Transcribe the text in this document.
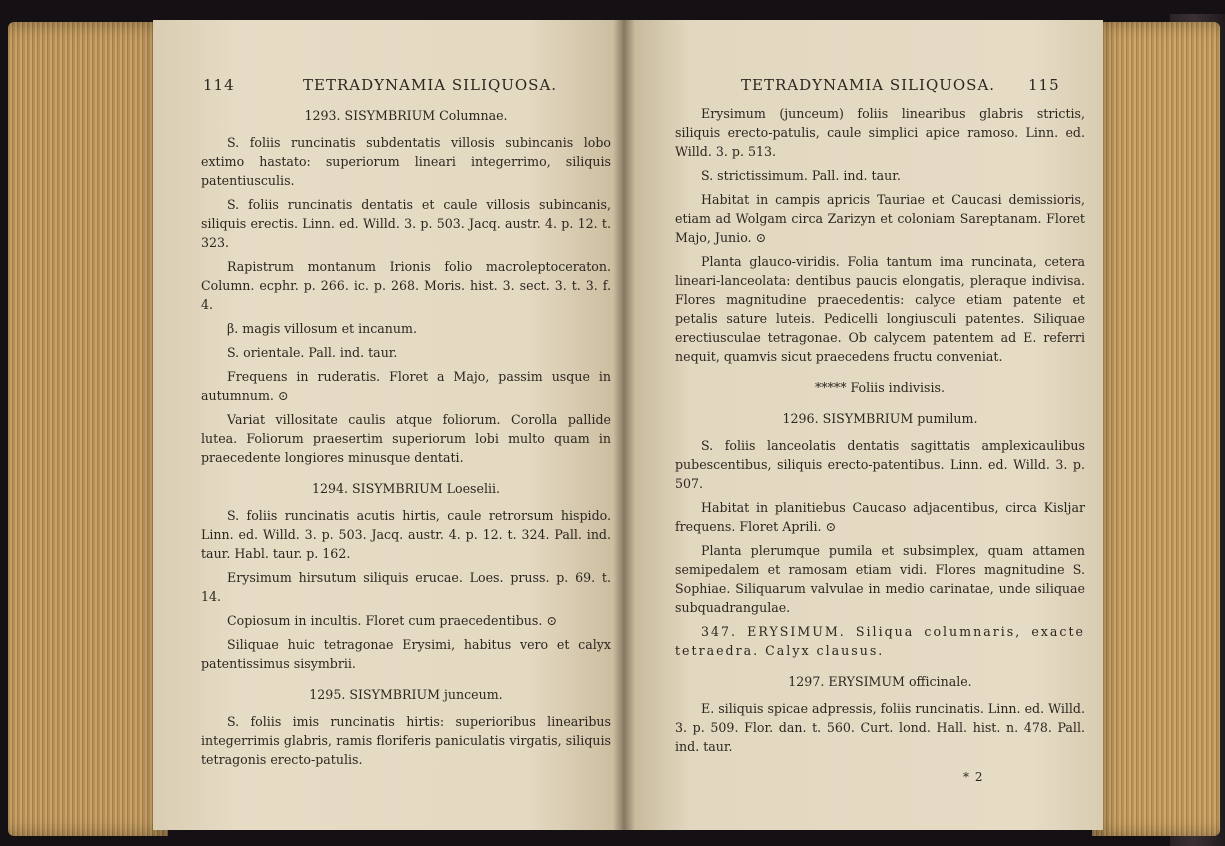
114	TETRADYNAMIA SILIQUOSA.

1293. SISYMBRIUM Columnae.

S. foliis runcinatis subdentatis villosis subincanis lobo extimo hastato: superiorum lineari integerrimo, siliquis patentiusculis.

S. foliis runcinatis dentatis et caule villosis subincanis, siliquis erectis. Linn. ed. Willd. 3. p. 503. Jacq. austr. 4. p. 12. t. 323.

Rapistrum montanum Irionis folio macroleptoceraton. Column. ecphr. p. 266. ic. p. 268. Moris. hist. 3. sect. 3. t. 3. f. 4.

β. magis villosum et incanum.

S. orientale. Pall. ind. taur.

Frequens in ruderatis. Floret a Majo, passim usque in autumnum. ⊙

Variat villositate caulis atque foliorum. Corolla pallide lutea. Foliorum praesertim superiorum lobi multo quam in praecedente longiores minusque dentati.

1294. SISYMBRIUM Loeselii.

S. foliis runcinatis acutis hirtis, caule retrorsum hispido. Linn. ed. Willd. 3. p. 503. Jacq. austr. 4. p. 12. t. 324. Pall. ind. taur. Habl. taur. p. 162.

Erysimum hirsutum siliquis erucae. Loes. pruss. p. 69. t. 14.

Copiosum in incultis. Floret cum praecedentibus. ⊙

Siliquae huic tetragonae Erysimi, habitus vero et calyx patentissimus sisymbrii.

1295. SISYMBRIUM junceum.

S. foliis imis runcinatis hirtis: superioribus linearibus integerrimis glabris, ramis floriferis paniculatis virgatis, siliquis tetragonis erecto-patulis.

TETRADYNAMIA SILIQUOSA. 115

Erysimum (junceum) foliis linearibus glabris strictis, siliquis erecto-patulis, caule simplici apice ramoso. Linn. ed. Willd. 3. p. 513.

S. strictissimum. Pall. ind. taur.

Habitat in campis apricis Tauriae et Caucasi demissioris, etiam ad Wolgam circa Zarizyn et coloniam Sareptanam. Floret Majo, Junio. ⊙

Planta glauco-viridis. Folia tantum ima runcinata, cetera lineari-lanceolata: dentibus paucis elongatis, pleraque indivisa. Flores magnitudine praecedentis: calyce etiam patente et petalis saturе luteis. Pedicelli longiusculi patentes. Siliquae erectiusculae tetragonae. Ob calycem patentem ad E. referri nequit, quamvis sicut praecedens fructu conveniat.

***** Foliis indivisis.

1296. SISYMBRIUM pumilum.

S. foliis lanceolatis dentatis sagittatis amplexicaulibus pubescentibus, siliquis erecto-patentibus. Linn. ed. Willd. 3. p. 507.

Habitat in planitiebus Caucaso adjacentibus, circa Kisljar frequens. Floret Aprili. ⊙

Planta plerumque pumila et subsimplex, quam attamen semipedalem et ramosam etiam vidi. Flores magnitudine S. Sophiae. Siliquarum valvulae in medio carinatae, unde siliquae subquadrangulae.

347. ERYSIMUM. Siliqua columnaris, exacte tetraedra. Calyx clausus.

1297. ERYSIMUM officinale.

E. siliquis spicae adpressis, foliis runcinatis. Linn. ed. Willd. 3. p. 509. Flor. dan. t. 560. Curt. lond. Hall. hist. n. 478. Pall. ind. taur.

* 2
